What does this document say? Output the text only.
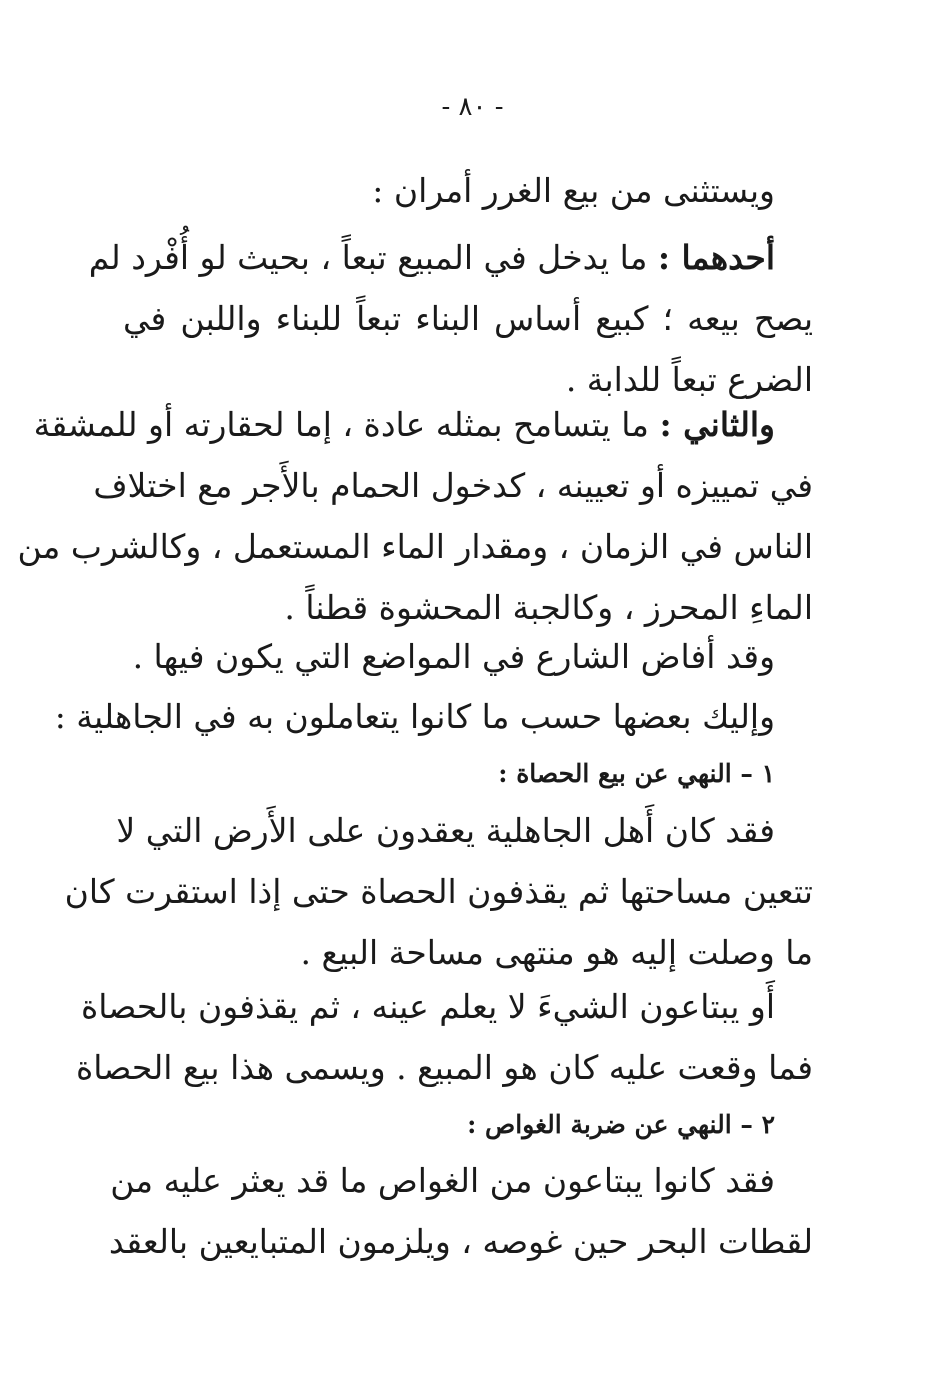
- ٨٠ -
ويستثنى من بيع الغرر أمران :
أحدهما : ما يدخل في المبيع تبعاً ، بحيث لو أُفْرد لم
يصح بيعه ؛ كبيع أساس البناء تبعاً للبناء واللبن في
الضرع تبعاً للدابة .
والثاني : ما يتسامح بمثله عادة ، إما لحقارته أو للمشقة
في تمييزه أو تعيينه ، كدخول الحمام بالأَجر مع اختلاف
الناس في الزمان ، ومقدار الماء المستعمل ، وكالشرب من
الماءِ المحرز ، وكالجبة المحشوة قطناً .
وقد أفاض الشارع في المواضع التي يكون فيها .
وإليك بعضها حسب ما كانوا يتعاملون به في الجاهلية :
١ – النهي عن بيع الحصاة :
فقد كان أَهل الجاهلية يعقدون على الأَرض التي لا
تتعين مساحتها ثم يقذفون الحصاة حتى إذا استقرت كان
ما وصلت إليه هو منتهى مساحة البيع .
أَو يبتاعون الشيءَ لا يعلم عينه ، ثم يقذفون بالحصاة
فما وقعت عليه كان هو المبيع . ويسمى هذا بيع الحصاة
٢ – النهي عن ضربة الغواص :
فقد كانوا يبتاعون من الغواص ما قد يعثر عليه من
لقطات البحر حين غوصه ، ويلزمون المتبايعين بالعقد
